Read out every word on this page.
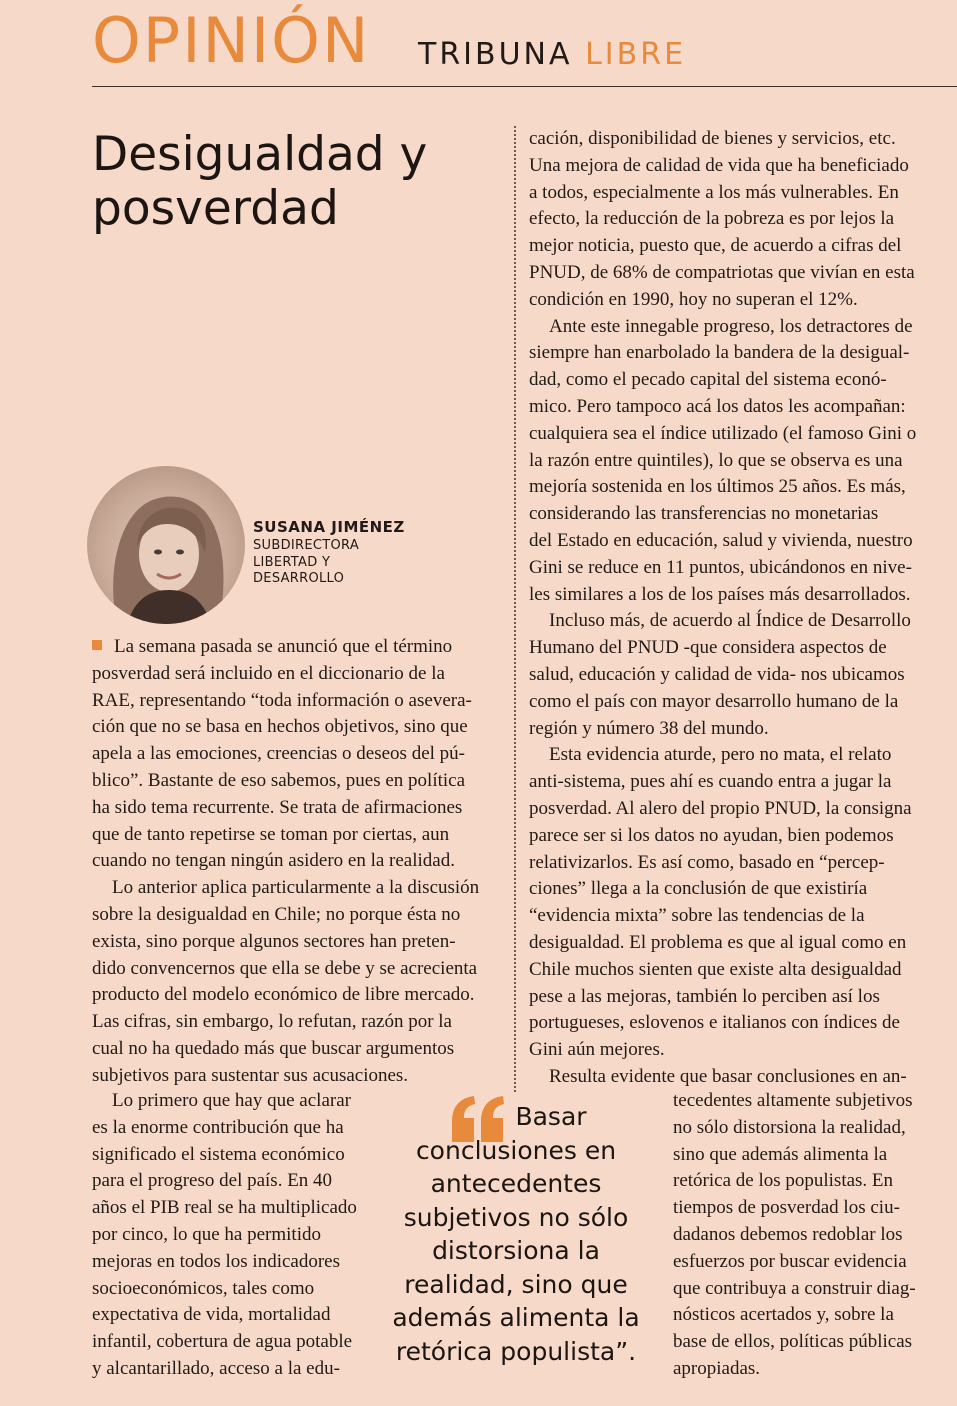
OPINIÓN TRIBUNA LIBRE
Desigualdad y
posverdad
SUSANA JIMÉNEZ
SUBDIRECTORA
LIBERTAD Y
DESARROLLO
La semana pasada se anunció que el término
posverdad será incluido en el diccionario de la
RAE, representando “toda información o asevera-
ción que no se basa en hechos objetivos, sino que
apela a las emociones, creencias o deseos del pú-
blico”. Bastante de eso sabemos, pues en política
ha sido tema recurrente. Se trata de afirmaciones
que de tanto repetirse se toman por ciertas, aun
cuando no tengan ningún asidero en la realidad.
Lo anterior aplica particularmente a la discusión
sobre la desigualdad en Chile; no porque ésta no
exista, sino porque algunos sectores han preten-
dido convencernos que ella se debe y se acrecienta
producto del modelo económico de libre mercado.
Las cifras, sin embargo, lo refutan, razón por la
cual no ha quedado más que buscar argumentos
subjetivos para sustentar sus acusaciones.
Lo primero que hay que aclarar
es la enorme contribución que ha
significado el sistema económico
para el progreso del país. En 40
años el PIB real se ha multiplicado
por cinco, lo que ha permitido
mejoras en todos los indicadores
socioeconómicos, tales como
expectativa de vida, mortalidad
infantil, cobertura de agua potable
y alcantarillado, acceso a la edu-
cación, disponibilidad de bienes y servicios, etc.
Una mejora de calidad de vida que ha beneficiado
a todos, especialmente a los más vulnerables. En
efecto, la reducción de la pobreza es por lejos la
mejor noticia, puesto que, de acuerdo a cifras del
PNUD, de 68% de compatriotas que vivían en esta
condición en 1990, hoy no superan el 12%.
Ante este innegable progreso, los detractores de
siempre han enarbolado la bandera de la desigual-
dad, como el pecado capital del sistema econó-
mico. Pero tampoco acá los datos les acompañan:
cualquiera sea el índice utilizado (el famoso Gini o
la razón entre quintiles), lo que se observa es una
mejoría sostenida en los últimos 25 años. Es más,
considerando las transferencias no monetarias
del Estado en educación, salud y vivienda, nuestro
Gini se reduce en 11 puntos, ubicándonos en nive-
les similares a los de los países más desarrollados.
Incluso más, de acuerdo al Índice de Desarrollo
Humano del PNUD -que considera aspectos de
salud, educación y calidad de vida- nos ubicamos
como el país con mayor desarrollo humano de la
región y número 38 del mundo.
Esta evidencia aturde, pero no mata, el relato
anti-sistema, pues ahí es cuando entra a jugar la
posverdad. Al alero del propio PNUD, la consigna
parece ser si los datos no ayudan, bien podemos
relativizarlos. Es así como, basado en “percep-
ciones” llega a la conclusión de que existiría
“evidencia mixta” sobre las tendencias de la
desigualdad. El problema es que al igual como en
Chile muchos sienten que existe alta desigualdad
pese a las mejoras, también lo perciben así los
portugueses, eslovenos e italianos con índices de
Gini aún mejores.
Resulta evidente que basar conclusiones en an-
tecedentes altamente subjetivos
no sólo distorsiona la realidad,
sino que además alimenta la
retórica de los populistas. En
tiempos de posverdad los ciu-
dadanos debemos redoblar los
esfuerzos por buscar evidencia
que contribuya a construir diag-
nósticos acertados y, sobre la
base de ellos, políticas públicas
apropiadas.
Basar
conclusiones en
antecedentes
subjetivos no sólo
distorsiona la
realidad, sino que
además alimenta la
retórica populista”.
